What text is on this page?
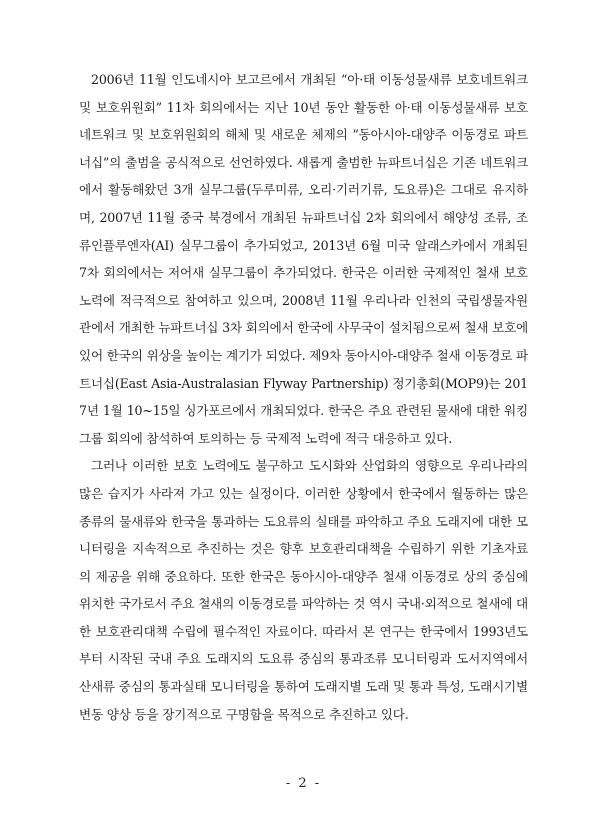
2006년 11월 인도네시아 보고르에서 개최된 “아·태 이동성물새류 보호네트워크 및 보호위원회” 11차 회의에서는 지난 10년 동안 활동한 아·태 이동성물새류 보호네트워크 및 보호위원회의 해체 및 새로운 체제의 “동아시아-대양주 이동경로 파트너십”의 출범을 공식적으로 선언하였다. 새롭게 출범한 뉴파트너십은 기존 네트워크에서 활동해왔던 3개 실무그룹(두루미류, 오리·기러기류, 도요류)은 그대로 유지하며, 2007년 11월 중국 북경에서 개최된 뉴파트너십 2차 회의에서 해양성 조류, 조류인플루엔자(AI) 실무그룹이 추가되었고, 2013년 6월 미국 알래스카에서 개최된 7차 회의에서는 저어새 실무그룹이 추가되었다. 한국은 이러한 국제적인 철새 보호노력에 적극적으로 참여하고 있으며, 2008년 11월 우리나라 인천의 국립생물자원관에서 개최한 뉴파트너십 3차 회의에서 한국에 사무국이 설치됨으로써 철새 보호에 있어 한국의 위상을 높이는 계기가 되었다. 제9차 동아시아-대양주 철새 이동경로 파트너십(East Asia-Australasian Flyway Partnership) 정기총회(MOP9)는 2017년 1월 10~15일 싱가포르에서 개최되었다. 한국은 주요 관련된 물새에 대한 워킹그룹 회의에 참석하여 토의하는 등 국제적 노력에 적극 대응하고 있다.

그러나 이러한 보호 노력에도 불구하고 도시화와 산업화의 영향으로 우리나라의 많은 습지가 사라져 가고 있는 실정이다. 이러한 상황에서 한국에서 월동하는 많은 종류의 물새류와 한국을 통과하는 도요류의 실태를 파악하고 주요 도래지에 대한 모니터링을 지속적으로 추진하는 것은 향후 보호관리대책을 수립하기 위한 기초자료의 제공을 위해 중요하다. 또한 한국은 동아시아-대양주 철새 이동경로 상의 중심에 위치한 국가로서 주요 철새의 이동경로를 파악하는 것 역시 국내·외적으로 철새에 대한 보호관리대책 수립에 필수적인 자료이다. 따라서 본 연구는 한국에서 1993년도부터 시작된 국내 주요 도래지의 도요류 중심의 통과조류 모니터링과 도서지역에서 산새류 중심의 통과실태 모니터링을 통하여 도래지별 도래 및 통과 특성, 도래시기별 변동 양상 등을 장기적으로 구명함을 목적으로 추진하고 있다.

- 2 -
